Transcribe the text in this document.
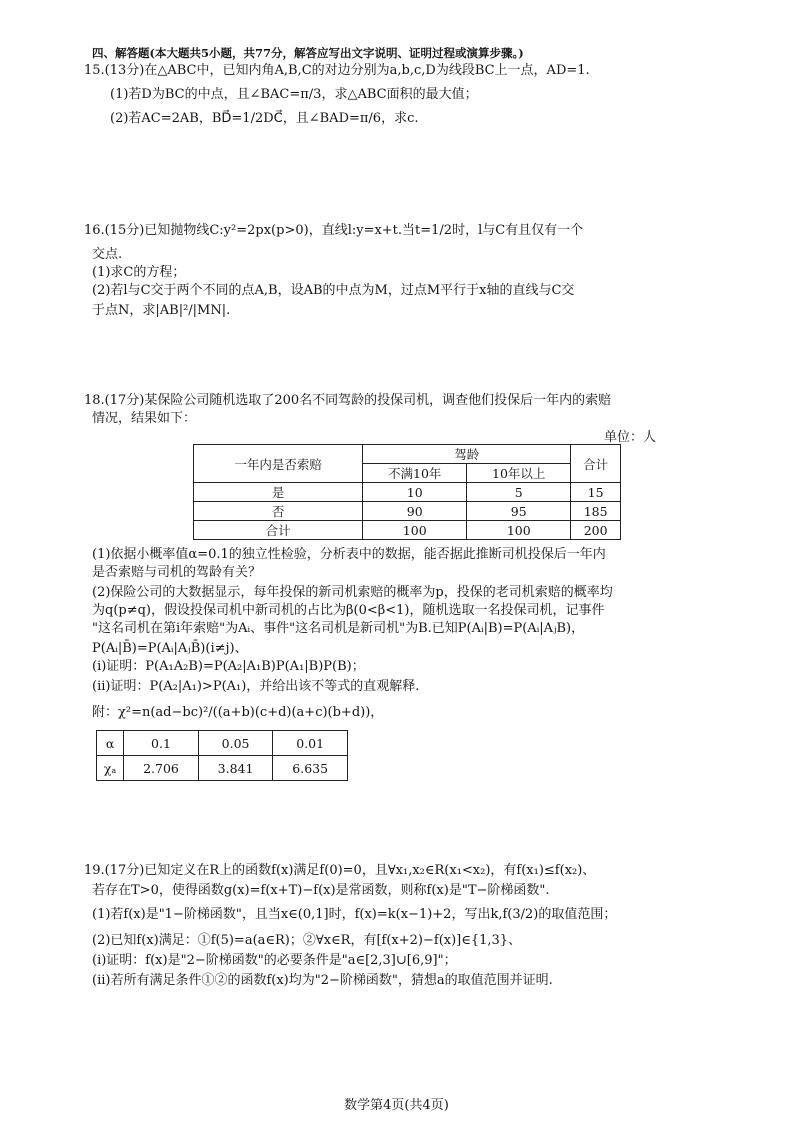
四、解答题(本大题共5小题，共77分，解答应写出文字说明、证明过程或演算步骤。)
15.(13分)在△ABC中，已知内角A,B,C的对边分别为a,b,c,D为线段BC上一点，AD=1.
(1)若D为BC的中点，且∠BAC=π/3，求△ABC面积的最大值；
(2)若AC=2AB，BD⃗=1/2DC⃗，且∠BAD=π/6，求c.
16.(15分)已知抛物线C:y²=2px(p>0)，直线l:y=x+t.当t=1/2时，l与C有且仅有一个
交点.
(1)求C的方程；
(2)若l与C交于两个不同的点A,B，设AB的中点为M，过点M平行于x轴的直线与C交
于点N，求|AB|²/|MN|.
18.(17分)某保险公司随机选取了200名不同驾龄的投保司机，调查他们投保后一年内的索赔
情况，结果如下：
单位：人
一年内是否索赔	驾龄		合计
	不满10年	10年以上	
是	10	5	15
否	90	95	185
合计	100	100	200
(1)依据小概率值α=0.1的独立性检验，分析表中的数据，能否据此推断司机投保后一年内
是否索赔与司机的驾龄有关？
(2)保险公司的大数据显示，每年投保的新司机索赔的概率为p，投保的老司机索赔的概率均
为q(p≠q)，假设投保司机中新司机的占比为β(0<β<1)，随机选取一名投保司机，记事件
"这名司机在第i年索赔"为Aᵢ、事件"这名司机是新司机"为B.已知P(Aᵢ|B)=P(Aᵢ|AⱼB)，
P(Aᵢ|B̄)=P(Aᵢ|AⱼB̄)(i≠j)、
(ⅰ)证明：P(A₁A₂B)=P(A₂|A₁B)P(A₁|B)P(B)；
(ⅱ)证明：P(A₂|A₁)>P(A₁)，并给出该不等式的直观解释.
附：χ²=n(ad−bc)²/((a+b)(c+d)(a+c)(b+d))，
α	0.1	0.05	0.01
χₐ	2.706	3.841	6.635
19.(17分)已知定义在R上的函数f(x)满足f(0)=0，且∀x₁,x₂∈R(x₁<x₂)，有f(x₁)≤f(x₂)、
若存在T>0，使得函数g(x)=f(x+T)−f(x)是常函数，则称f(x)是"T−阶梯函数".
(1)若f(x)是"1−阶梯函数"，且当x∈(0,1]时，f(x)=k(x−1)+2，写出k,f(3/2)的取值范围；
(2)已知f(x)满足：①f(5)=a(a∈R)；②∀x∈R，有[f(x+2)−f(x)]∈{1,3}、
(ⅰ)证明：f(x)是"2−阶梯函数"的必要条件是"a∈[2,3]∪[6,9]"；
(ⅱ)若所有满足条件①②的函数f(x)均为"2−阶梯函数"，猜想a的取值范围并证明.
数学第4页(共4页)
